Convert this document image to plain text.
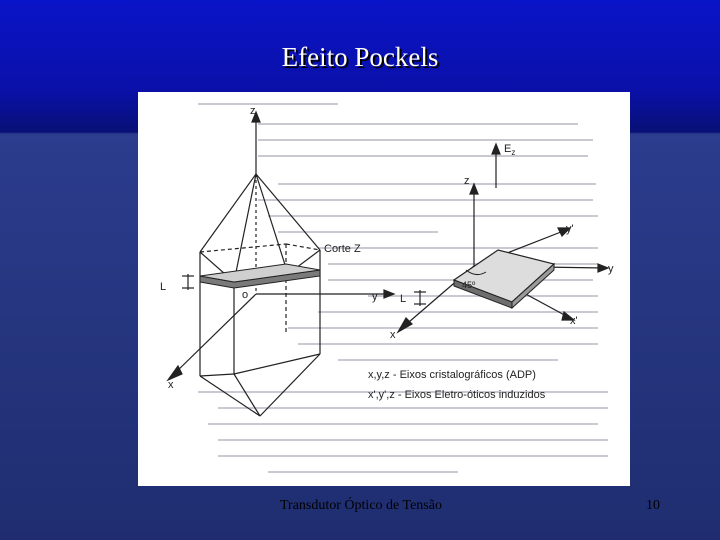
Efeito Pockels
z
x
y
o
L
Corte Z
z
$E_z$
y
y'
x
x'
45º
L
x,y,z - Eixos cristalográficos (ADP)
x',y',z - Eixos Eletro-óticos induzidos
Transdutor Óptico de Tensão	10
